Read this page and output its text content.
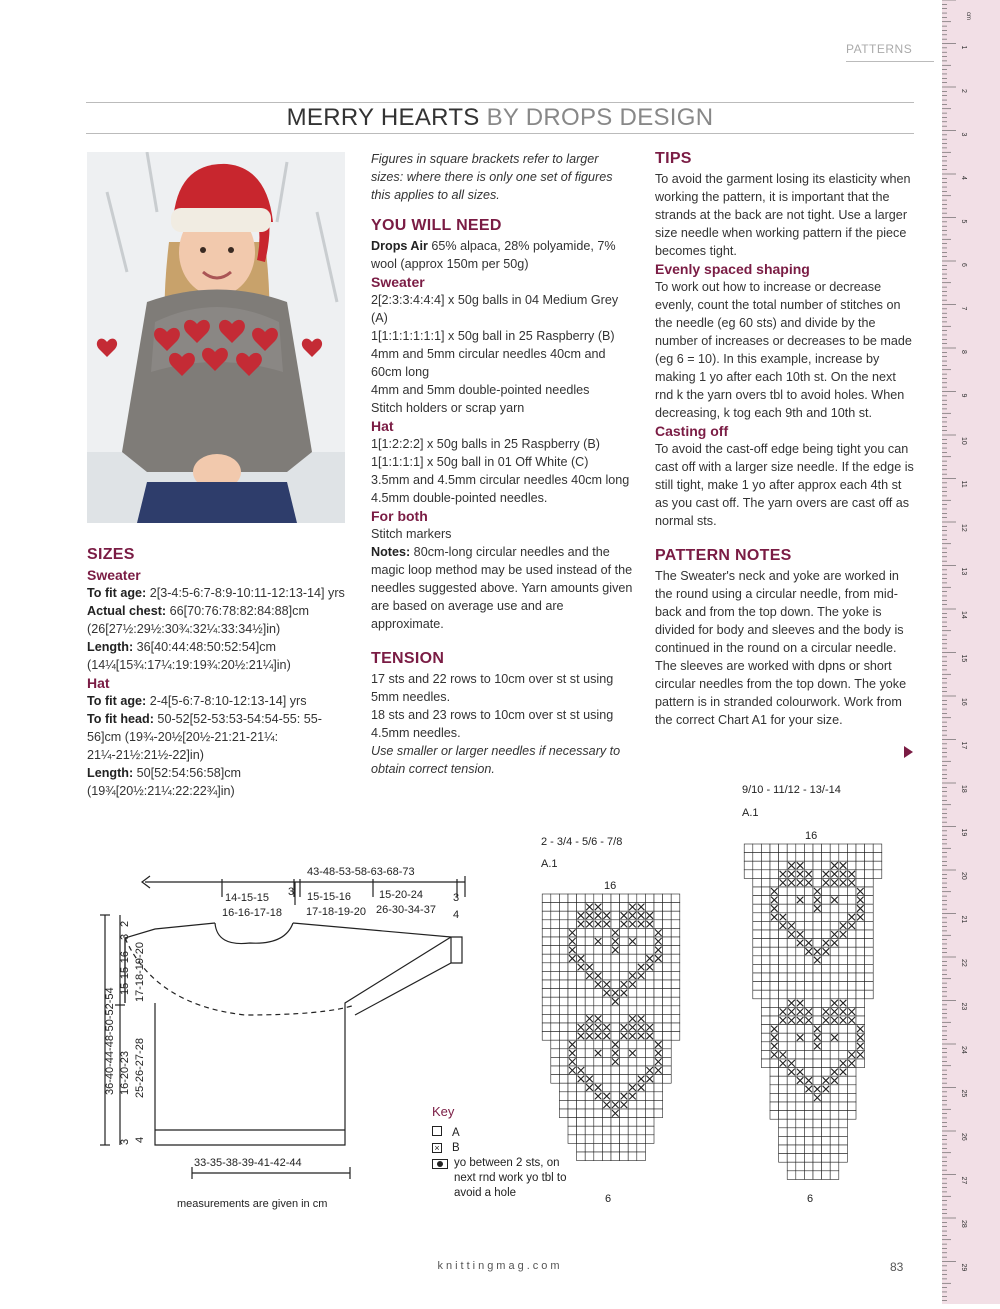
PATTERNS
MERRY HEARTS BY DROPS DESIGN

SIZES

Sweater

To fit age: 2[3-4:5-6:7-8:9-10:11-12:13-14] yrs

Actual chest: 66[70:76:78:82:84:88]cm (26[27½:29½:30¾:32¼:33:34½]in)

Length: 36[40:44:48:50:52:54]cm (14¼[15¾:17¼:19:19¾:20½:21¼]in)

Hat

To fit age: 2-4[5-6:7-8:10-12:13-14] yrs

To fit head: 50-52[52-53:53-54:54-55: 55-56]cm (19¾-20½[20½-21:21-21¼: 21¼-21½:21½-22]in)

Length: 50[52:54:56:58]cm (19¾[20½:21¼:22:22¾]in)

Figures in square brackets refer to larger sizes: where there is only one set of figures this applies to all sizes.

YOU WILL NEED

Drops Air 65% alpaca, 28% polyamide, 7% wool (approx 150m per 50g)

Sweater

2[2:3:3:4:4:4] x 50g balls in 04 Medium Grey (A)

1[1:1:1:1:1:1] x 50g ball in 25 Raspberry (B)

4mm and 5mm circular needles 40cm and 60cm long

4mm and 5mm double-pointed needles

Stitch holders or scrap yarn

Hat

1[1:2:2:2] x 50g balls in 25 Raspberry (B)

1[1:1:1:1] x 50g ball in 01 Off White (C)

3.5mm and 4.5mm circular needles 40cm long

4.5mm double-pointed needles.

For both

Stitch markers

Notes: 80cm-long circular needles and the magic loop method may be used instead of the needles suggested above. Yarn amounts given are based on average use and are approximate.

TENSION

17 sts and 22 rows to 10cm over st st using 5mm needles.

18 sts and 23 rows to 10cm over st st using 4.5mm needles.

Use smaller or larger needles if necessary to obtain correct tension.

TIPS

To avoid the garment losing its elasticity when working the pattern, it is important that the strands at the back are not tight. Use a larger size needle when working pattern if the piece becomes tight.

Evenly spaced shaping

To work out how to increase or decrease evenly, count the total number of stitches on the needle (eg 60 sts) and divide by the number of increases or decreases to be made (eg 6 = 10). In this example, increase by making 1 yo after each 10th st. On the next rnd k the yarn overs tbl to avoid holes. When decreasing, k tog each 9th and 10th st.

Casting off

To avoid the cast-off edge being tight you can cast off with a larger size needle. If the edge is still tight, make 1 yo after approx each 4th st as you cast off. The yarn overs are cast off as normal sts.

PATTERN NOTES

The Sweater's neck and yoke are worked in the round using a circular needle, from mid-back and from the top down. The yoke is divided for body and sleeves and the body is continued in the round on a circular needle. The sleeves are worked with dpns or short circular needles from the top down. The yoke pattern is in stranded colourwork. Work from the correct Chart A1 for your size.

43-48-53-58-63-68-73
14-15-15
16-16-17-18
3 15-15-16
17-18-19-20
15-20-24
26-30-34-37
3
4
33-35-38-39-41-42-44
36-40-44-48-50-52-54
15-15-16 17-18-19-20
16-20-23 25-26-27-28
2
3
3 4
measurements are given in cm
Key
A
× B
yo between 2 sts, on next rnd work yo tbl to avoid a hole
2 - 3/4 - 5/6 - 7/8
A.1
16
6
9/10 - 11/12 - 13/-14
A.1
16
6
cm
1
2
3
4
5
6
7
8
9
10
11
12
13
14
15
16
17
18
19
20
21
22
23
24
25
26
27
28
29
knittingmag.com	83
